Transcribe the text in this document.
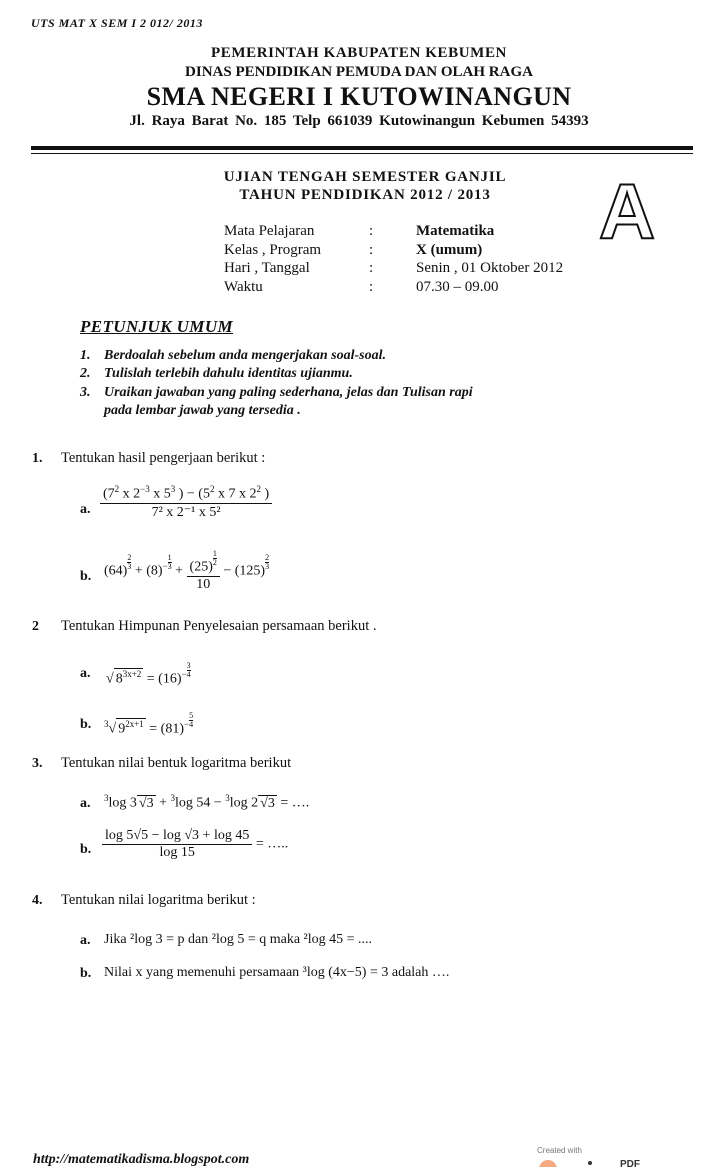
UTS MAT X SEM I 2 012/ 2013
PEMERINTAH KABUPATEN KEBUMEN
DINAS PENDIDIKAN PEMUDA DAN OLAH RAGA
SMA NEGERI I KUTOWINANGUN
Jl. Raya Barat No. 185 Telp 661039 Kutowinangun Kebumen 54393
UJIAN TENGAH SEMESTER GANJIL
TAHUN PENDIDIKAN 2012 / 2013	A
Mata Pelajaran	:	Matematika
Kelas , Program	:	X (umum)
Hari , Tanggal	:	Senin , 01 Oktober 2012
Waktu	:	07.30 – 09.00
PETUNJUK UMUM
1. Berdoalah sebelum anda mengerjakan soal-soal.
2. Tulislah terlebih dahulu identitas ujianmu.
3. Uraikan jawaban yang paling sederhana, jelas dan Tulisan rapi
pada lembar jawab yang tersedia .
1. Tentukan hasil pengerjaan berikut :
a. $\frac{(7^2 x 2^{-3} x 5^3 ) - (5^2 x 7 x 2^2 )}{\text{7² x 2⁻¹ x 5²}}$
b. (64)
$\frac{2}{3}$
+ $(8)^- \frac{1}{3}$
+ (25)
$\frac{1}{2}$
10 − (125)
$\frac{2}{3}$
2 Tentukan Himpunan Penyelesaian persamaan berikut .
a. √ $8^{3x+2} = (16)^- \frac{3}{4}$
b. $^3$√ $9^{2x+1} = (81)^- \frac{5}{4}$
3. Tentukan nilai bentuk logaritma berikut
a. $^3$log 3 √3 + $^3$log 54 − $^3$log 2 √3 = ….
b. $\frac{\log 5√5 - \log √3 + \log 45}{\log 15}$ = …..
4. Tentukan nilai logaritma berikut :
a. Jika ²log 3 = p dan ²log 5 = q maka ²log 45 = ....
b. Nilai x yang memenuhi persamaan ³log (4x−5) = 3 adalah ….
http://matematikadisma.blogspot.com
Created with
PDF
